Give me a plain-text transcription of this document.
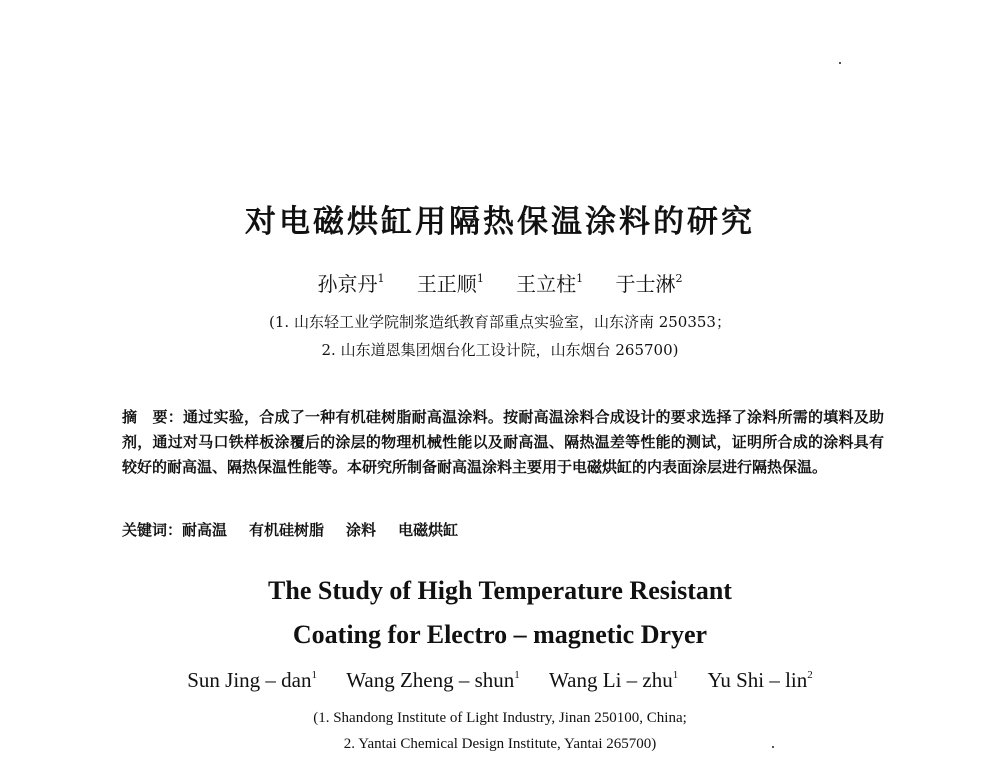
对电磁烘缸用隔热保温涂料的研究
孙京丹$^1$ 王正顺$^1$ 王立柱$^1$ 于士淋$^2$
(1. 山东轻工业学院制浆造纸教育部重点实验室，山东济南 250353；
2. 山东道恩集团烟台化工设计院，山东烟台 265700)
摘　要：通过实验，合成了一种有机硅树脂耐高温涂料。按耐高温涂料合成设计的要求选择了涂料所需的填料及助剂，通过对马口铁样板涂覆后的涂层的物理机械性能以及耐高温、隔热温差等性能的测试，证明所合成的涂料具有较好的耐高温、隔热保温性能等。本研究所制备耐高温涂料主要用于电磁烘缸的内表面涂层进行隔热保温。
关键词：耐高温 有机硅树脂 涂料 电磁烘缸
The Study of High Temperature Resistant
Coating for Electro – magnetic Dryer
Sun Jing – dan$^1$ Wang Zheng – shun$^1$ Wang Li – zhu$^1$ Yu Shi – lin$^2$
(1. Shandong Institute of Light Industry, Jinan 250100, China;
2. Yantai Chemical Design Institute, Yantai 265700)
